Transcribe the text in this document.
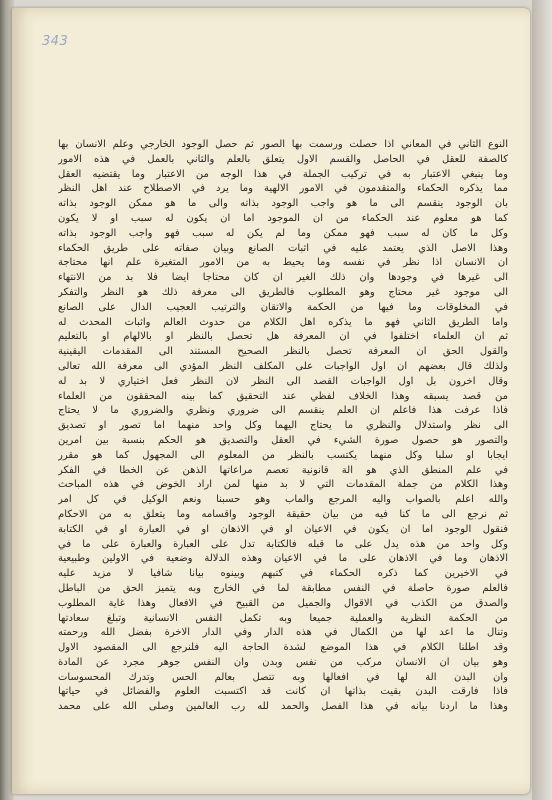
343
النوع الثاني في المعاني اذا حصلت ورسمت بها الصور ثم حصل الوجود الخارجي وعلم الانسان بها
كالصفة للعقل في الحاصل والقسم الاول يتعلق بالعلم والثاني بالعمل في هذه الامور
وما ينبغي الاعتبار به في تركيب الجملة في هذا الوجه من الاعتبار وما يقتضيه العقل
مما يذكره الحكماء والمتقدمون في الامور الالهية وما يرد في الاصطلاح عند اهل النظر
بان الوجود ينقسم الى ما هو واجب الوجود بذاته والى ما هو ممكن الوجود بذاته
كما هو معلوم عند الحكماء من ان الموجود اما ان يكون له سبب او لا يكون
وكل ما كان له سبب فهو ممكن وما لم يكن له سبب فهو واجب الوجود بذاته
وهذا الاصل الذي يعتمد عليه في اثبات الصانع وبيان صفاته على طريق الحكماء
ان الانسان اذا نظر في نفسه وما يحيط به من الامور المتغيرة علم انها محتاجة
الى غيرها في وجودها وان ذلك الغير ان كان محتاجا ايضا فلا بد من الانتهاء
الى موجود غير محتاج وهو المطلوب فالطريق الى معرفة ذلك هو النظر والتفكر
في المخلوقات وما فيها من الحكمة والاتقان والترتيب العجيب الدال على الصانع
واما الطريق الثاني فهو ما يذكره اهل الكلام من حدوث العالم واثبات المحدث له
ثم ان العلماء اختلفوا في ان المعرفة هل تحصل بالنظر او بالالهام او بالتعليم
والقول الحق ان المعرفة تحصل بالنظر الصحيح المستند الى المقدمات اليقينية
ولذلك قال بعضهم ان اول الواجبات على المكلف النظر المؤدي الى معرفة الله تعالى
وقال اخرون بل اول الواجبات القصد الى النظر لان النظر فعل اختياري لا بد له
من قصد يسبقه وهذا الخلاف لفظي عند التحقيق كما بينه المحققون من العلماء
فاذا عرفت هذا فاعلم ان العلم ينقسم الى ضروري ونظري والضروري ما لا يحتاج
الى نظر واستدلال والنظري ما يحتاج اليهما وكل واحد منهما اما تصور او تصديق
والتصور هو حصول صورة الشيء في العقل والتصديق هو الحكم بنسبة بين امرين
ايجابا او سلبا وكل منهما يكتسب بالنظر من المعلوم الى المجهول كما هو مقرر
في علم المنطق الذي هو الة قانونية تعصم مراعاتها الذهن عن الخطا في الفكر
وهذا الكلام من جملة المقدمات التي لا بد منها لمن اراد الخوض في هذه المباحث
والله اعلم بالصواب واليه المرجع والماب وهو حسبنا ونعم الوكيل في كل امر
ثم نرجع الى ما كنا فيه من بيان حقيقة الوجود واقسامه وما يتعلق به من الاحكام
فنقول الوجود اما ان يكون في الاعيان او في الاذهان او في العبارة او في الكتابة
وكل واحد من هذه يدل على ما قبله فالكتابة تدل على العبارة والعبارة على ما في
الاذهان وما في الاذهان على ما في الاعيان وهذه الدلالة وضعية في الاولين وطبيعية
في الاخيرين كما ذكره الحكماء في كتبهم وبينوه بيانا شافيا لا مزيد عليه
فالعلم صورة حاصلة في النفس مطابقة لما في الخارج وبه يتميز الحق من الباطل
والصدق من الكذب في الاقوال والجميل من القبيح في الافعال وهذا غاية المطلوب
من الحكمة النظرية والعملية جميعا وبه تكمل النفس الانسانية وتبلغ سعادتها
وتنال ما اعد لها من الكمال في هذه الدار وفي الدار الاخرة بفضل الله ورحمته
وقد اطلنا الكلام في هذا الموضع لشدة الحاجة اليه فلنرجع الى المقصود الاول
وهو بيان ان الانسان مركب من نفس وبدن وان النفس جوهر مجرد عن المادة
وان البدن الة لها في افعالها وبه تتصل بعالم الحس وتدرك المحسوسات
فاذا فارقت البدن بقيت بذاتها ان كانت قد اكتسبت العلوم والفضائل في حياتها
وهذا ما اردنا بيانه في هذا الفصل والحمد لله رب العالمين وصلى الله على محمد
